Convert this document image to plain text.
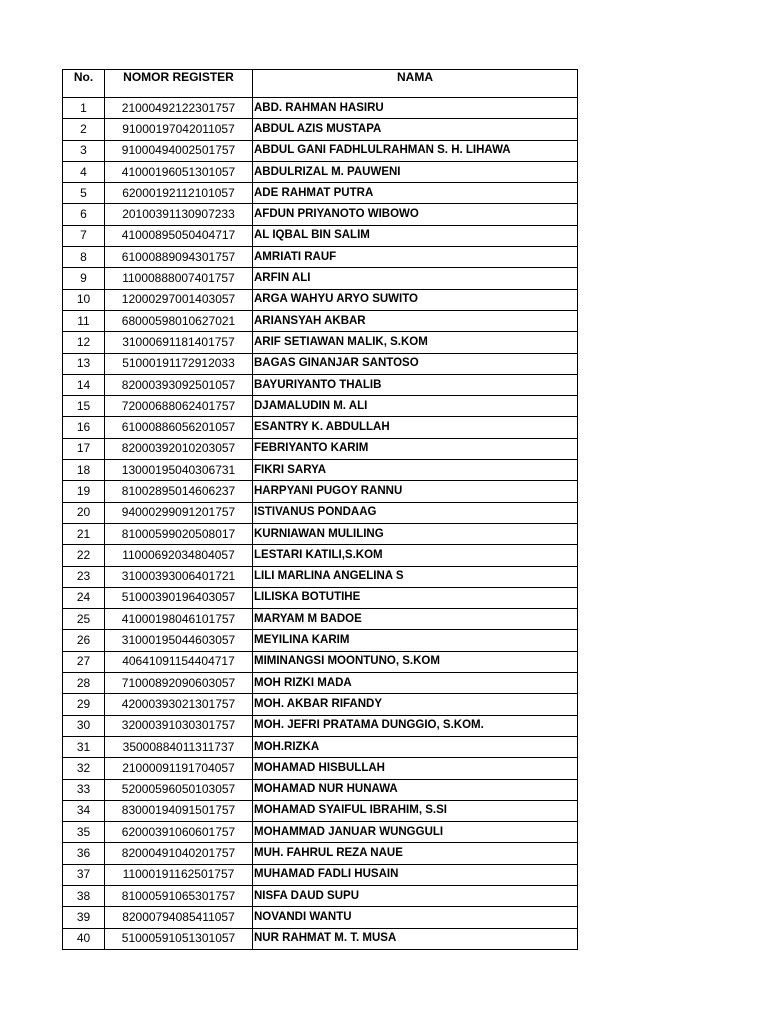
No.	NOMOR REGISTER	NAMA
1	21000492122301757	ABD. RAHMAN HASIRU
2	91000197042011057	ABDUL AZIS MUSTAPA
3	91000494002501757	ABDUL GANI FADHLULRAHMAN S. H. LIHAWA
4	41000196051301057	ABDULRIZAL M. PAUWENI
5	62000192112101057	ADE RAHMAT PUTRA
6	20100391130907233	AFDUN PRIYANOTO WIBOWO
7	41000895050404717	AL IQBAL BIN SALIM
8	61000889094301757	AMRIATI RAUF
9	11000888007401757	ARFIN ALI
10	12000297001403057	ARGA WAHYU ARYO SUWITO
11	68000598010627021	ARIANSYAH AKBAR
12	31000691181401757	ARIF SETIAWAN MALIK, S.KOM
13	51000191172912033	BAGAS GINANJAR SANTOSO
14	82000393092501057	BAYURIYANTO THALIB
15	72000688062401757	DJAMALUDIN M. ALI
16	61000886056201057	ESANTRY K. ABDULLAH
17	82000392010203057	FEBRIYANTO KARIM
18	13000195040306731	FIKRI SARYA
19	81002895014606237	HARPYANI PUGOY RANNU
20	94000299091201757	ISTIVANUS PONDAAG
21	81000599020508017	KURNIAWAN MULILING
22	11000692034804057	LESTARI KATILI,S.KOM
23	31000393006401721	LILI MARLINA ANGELINA S
24	51000390196403057	LILISKA BOTUTIHE
25	41000198046101757	MARYAM M BADOE
26	31000195044603057	MEYILINA KARIM
27	40641091154404717	MIMINANGSI MOONTUNO, S.KOM
28	71000892090603057	MOH RIZKI MADA
29	42000393021301757	MOH. AKBAR RIFANDY
30	32000391030301757	MOH. JEFRI PRATAMA DUNGGIO, S.KOM.
31	35000884011311737	MOH.RIZKA
32	21000091191704057	MOHAMAD HISBULLAH
33	52000596050103057	MOHAMAD NUR HUNAWA
34	83000194091501757	MOHAMAD SYAIFUL IBRAHIM, S.SI
35	62000391060601757	MOHAMMAD JANUAR WUNGGULI
36	82000491040201757	MUH. FAHRUL REZA NAUE
37	11000191162501757	MUHAMAD FADLI HUSAIN
38	81000591065301757	NISFA DAUD SUPU
39	82000794085411057	NOVANDI WANTU
40	51000591051301057	NUR RAHMAT M. T. MUSA
